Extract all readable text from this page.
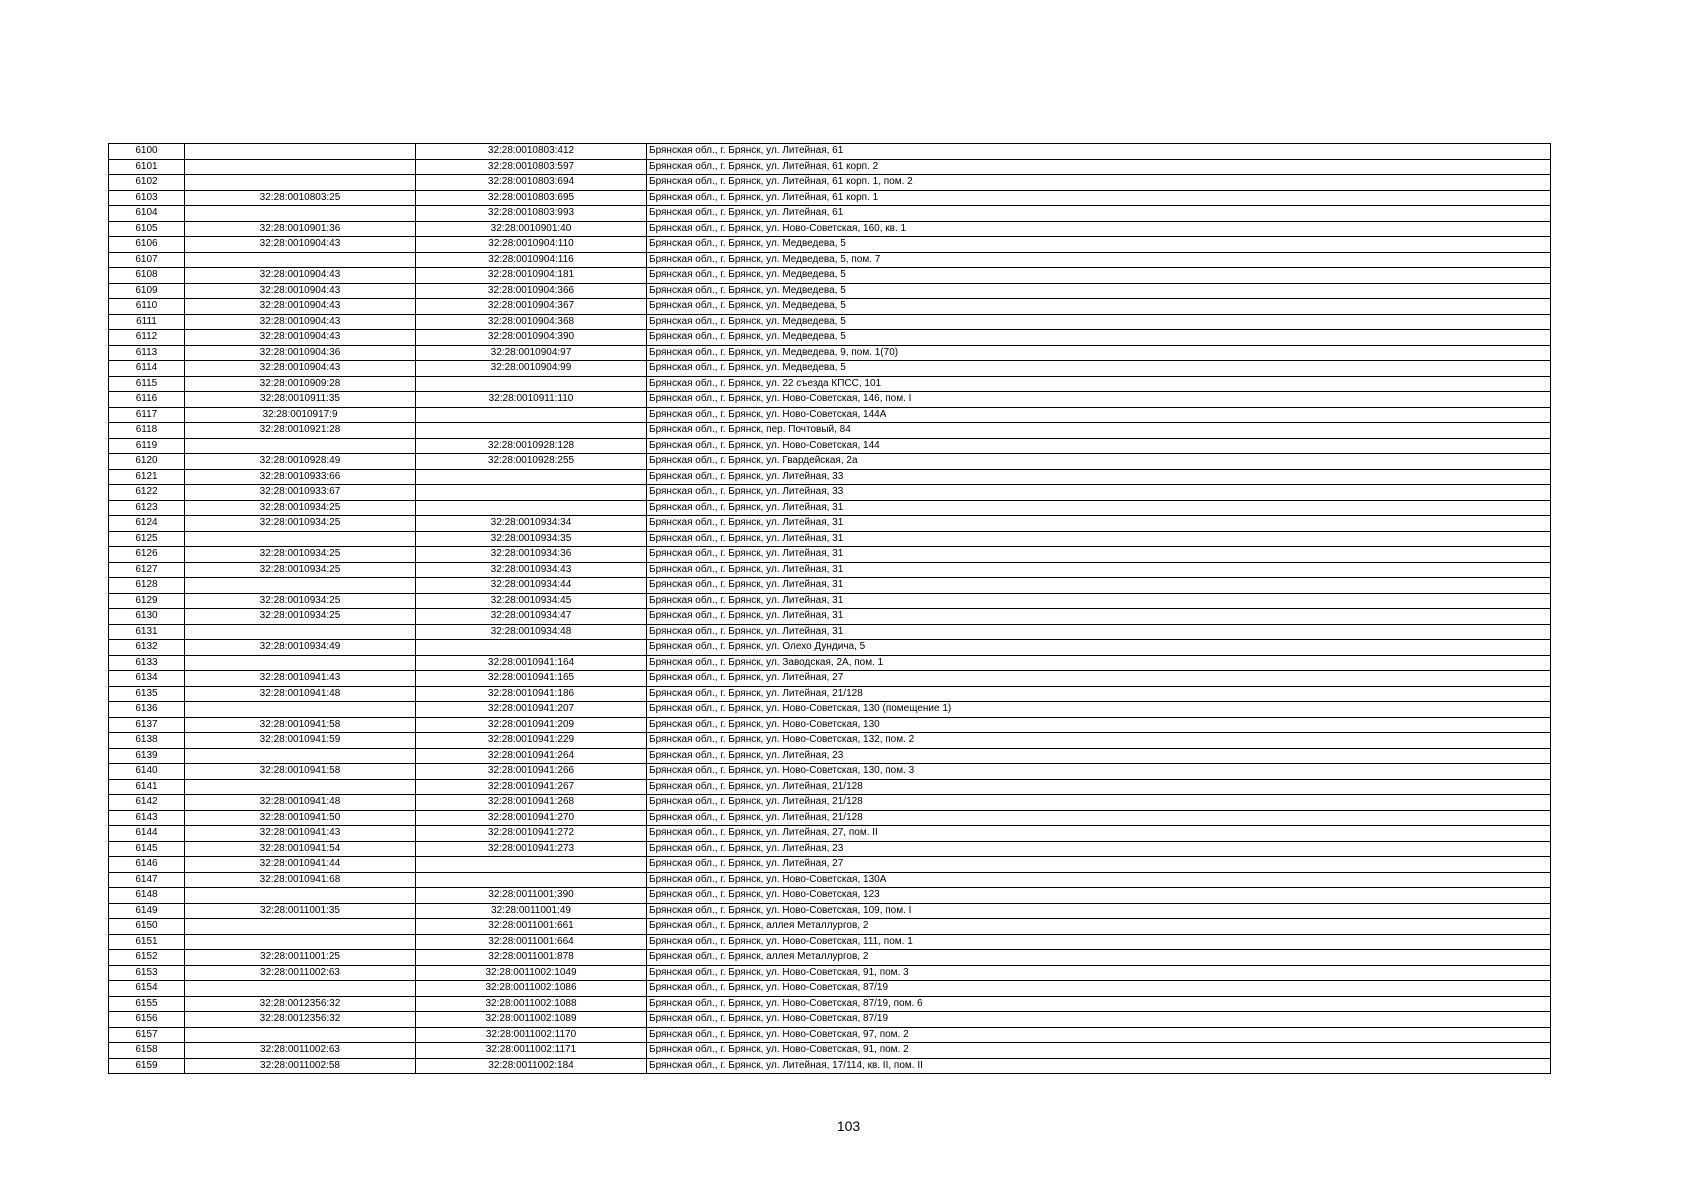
6100		32:28:0010803:412	Брянская обл., г. Брянск, ул. Литейная, 61
6101		32:28:0010803:597	Брянская обл., г. Брянск, ул. Литейная, 61 корп. 2
6102		32:28:0010803:694	Брянская обл., г. Брянск, ул. Литейная, 61 корп. 1, пом. 2
6103	32:28:0010803:25	32:28:0010803:695	Брянская обл., г. Брянск, ул. Литейная, 61 корп. 1
6104		32:28:0010803:993	Брянская обл., г. Брянск, ул. Литейная, 61
6105	32:28:0010901:36	32:28:0010901:40	Брянская обл., г. Брянск, ул. Ново-Советская, 160, кв. 1
6106	32:28:0010904:43	32:28:0010904:110	Брянская обл., г. Брянск, ул. Медведева, 5
6107		32:28:0010904:116	Брянская обл., г. Брянск, ул. Медведева, 5, пом. 7
6108	32:28:0010904:43	32:28:0010904:181	Брянская обл., г. Брянск, ул. Медведева, 5
6109	32:28:0010904:43	32:28:0010904:366	Брянская обл., г. Брянск, ул. Медведева, 5
6110	32:28:0010904:43	32:28:0010904:367	Брянская обл., г. Брянск, ул. Медведева, 5
6111	32:28:0010904:43	32:28:0010904:368	Брянская обл., г. Брянск, ул. Медведева, 5
6112	32:28:0010904:43	32:28:0010904:390	Брянская обл., г. Брянск, ул. Медведева, 5
6113	32:28:0010904:36	32:28:0010904:97	Брянская обл., г. Брянск, ул. Медведева, 9, пом. 1(70)
6114	32:28:0010904:43	32:28:0010904:99	Брянская обл., г. Брянск, ул. Медведева, 5
6115	32:28:0010909:28		Брянская обл., г. Брянск, ул. 22 съезда КПСС, 101
6116	32:28:0010911:35	32:28:0010911:110	Брянская обл., г. Брянск, ул. Ново-Советская, 146, пом. I
6117	32:28:0010917:9		Брянская обл., г. Брянск, ул. Ново-Советская, 144А
6118	32:28:0010921:28		Брянская обл., г. Брянск, пер. Почтовый, 84
6119		32:28:0010928:128	Брянская обл., г. Брянск, ул. Ново-Советская, 144
6120	32:28:0010928:49	32:28:0010928:255	Брянская обл., г. Брянск, ул. Гвардейская, 2а
6121	32:28:0010933:66		Брянская обл., г. Брянск, ул. Литейная, 33
6122	32:28:0010933:67		Брянская обл., г. Брянск, ул. Литейная, 33
6123	32:28:0010934:25		Брянская обл., г. Брянск, ул. Литейная, 31
6124	32:28:0010934:25	32:28:0010934:34	Брянская обл., г. Брянск, ул. Литейная, 31
6125		32:28:0010934:35	Брянская обл., г. Брянск, ул. Литейная, 31
6126	32:28:0010934:25	32:28:0010934:36	Брянская обл., г. Брянск, ул. Литейная, 31
6127	32:28:0010934:25	32:28:0010934:43	Брянская обл., г. Брянск, ул. Литейная, 31
6128		32:28:0010934:44	Брянская обл., г. Брянск, ул. Литейная, 31
6129	32:28:0010934:25	32:28:0010934:45	Брянская обл., г. Брянск, ул. Литейная, 31
6130	32:28:0010934:25	32:28:0010934:47	Брянская обл., г. Брянск, ул. Литейная, 31
6131		32:28:0010934:48	Брянская обл., г. Брянск, ул. Литейная, 31
6132	32:28:0010934:49		Брянская обл., г. Брянск, ул. Олехо Дундича, 5
6133		32:28:0010941:164	Брянская обл., г. Брянск, ул. Заводская, 2А, пом. 1
6134	32:28:0010941:43	32:28:0010941:165	Брянская обл., г. Брянск, ул. Литейная, 27
6135	32:28:0010941:48	32:28:0010941:186	Брянская обл., г. Брянск, ул. Литейная, 21/128
6136		32:28:0010941:207	Брянская обл., г. Брянск, ул. Ново-Советская, 130 (помещение 1)
6137	32:28:0010941:58	32:28:0010941:209	Брянская обл., г. Брянск, ул. Ново-Советская, 130
6138	32:28:0010941:59	32:28:0010941:229	Брянская обл., г. Брянск, ул. Ново-Советская, 132, пом. 2
6139		32:28:0010941:264	Брянская обл., г. Брянск, ул. Литейная, 23
6140	32:28:0010941:58	32:28:0010941:266	Брянская обл., г. Брянск, ул. Ново-Советская, 130, пом. 3
6141		32:28:0010941:267	Брянская обл., г. Брянск, ул. Литейная, 21/128
6142	32:28:0010941:48	32:28:0010941:268	Брянская обл., г. Брянск, ул. Литейная, 21/128
6143	32:28:0010941:50	32:28:0010941:270	Брянская обл., г. Брянск, ул. Литейная, 21/128
6144	32:28:0010941:43	32:28:0010941:272	Брянская обл., г. Брянск, ул. Литейная, 27, пом. II
6145	32:28:0010941:54	32:28:0010941:273	Брянская обл., г. Брянск, ул. Литейная, 23
6146	32:28:0010941:44		Брянская обл., г. Брянск, ул. Литейная, 27
6147	32:28:0010941:68		Брянская обл., г. Брянск, ул. Ново-Советская, 130А
6148		32:28:0011001:390	Брянская обл., г. Брянск, ул. Ново-Советская, 123
6149	32:28:0011001:35	32:28:0011001:49	Брянская обл., г. Брянск, ул. Ново-Советская, 109, пом. I
6150		32:28:0011001:661	Брянская обл., г. Брянск, аллея Металлургов, 2
6151		32:28:0011001:664	Брянская обл., г. Брянск, ул. Ново-Советская, 111, пом. 1
6152	32:28:0011001:25	32:28:0011001:878	Брянская обл., г. Брянск, аллея Металлургов, 2
6153	32:28:0011002:63	32:28:0011002:1049	Брянская обл., г. Брянск, ул. Ново-Советская, 91, пом. 3
6154		32:28:0011002:1086	Брянская обл., г. Брянск, ул. Ново-Советская, 87/19
6155	32:28:0012356:32	32:28:0011002:1088	Брянская обл., г. Брянск, ул. Ново-Советская, 87/19, пом. 6
6156	32:28:0012356:32	32:28:0011002:1089	Брянская обл., г. Брянск, ул. Ново-Советская, 87/19
6157		32:28:0011002:1170	Брянская обл., г. Брянск, ул. Ново-Советская, 97, пом. 2
6158	32:28:0011002:63	32:28:0011002:1171	Брянская обл., г. Брянск, ул. Ново-Советская, 91, пом. 2
6159	32:28:0011002:58	32:28:0011002:184	Брянская обл., г. Брянск, ул. Литейная, 17/114, кв. II, пом. II
103
